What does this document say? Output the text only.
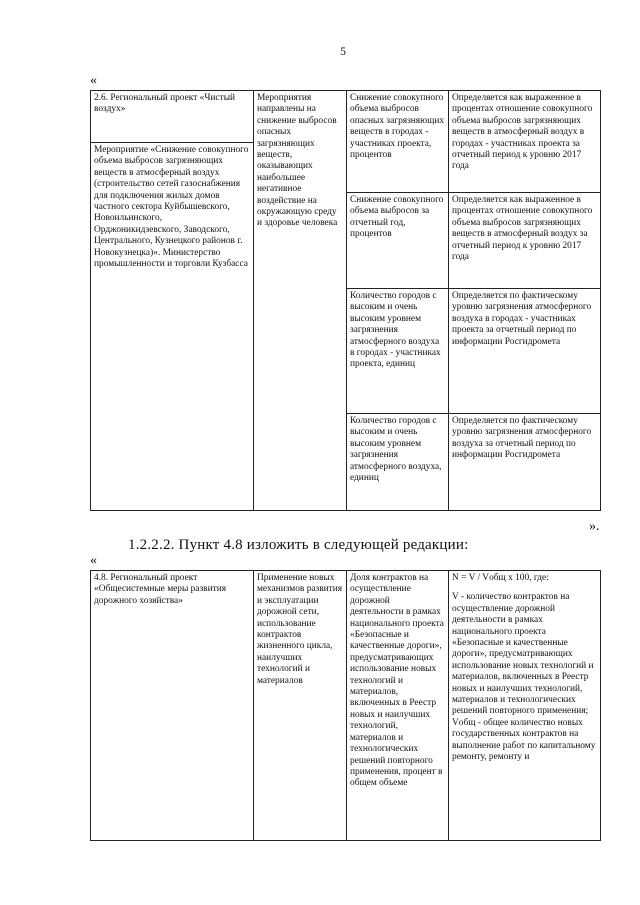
5
«
2.6. Региональный проект «Чистый воздух»	Мероприятия направлены на снижение выбросов опасных загрязняющих веществ, оказывающих наибольшее негативное воздействие на окружающую среду и здоровье человека	Снижение совокупного объема выбросов опасных загрязняющих веществ в городах - участниках проекта, процентов	Определяется как выраженное в процентах отношение совокупного объема выбросов загрязняющих веществ в атмосферный воздух в городах - участниках проекта за отчетный период к уровню 2017 года
Мероприятие «Снижение совокупного объема выбросов загрязняющих веществ в атмосферный воздух (строительство сетей газоснабжения для подключения жилых домов частного сектора Куйбышевского, Новоильинского, Орджоникидзевского, Заводского, Центрального, Кузнецкого районов г. Новокузнецка)». Министерство промышленности и торговли Кузбасса			
		Снижение совокупного объема выбросов за отчетный год, процентов	Определяется как выраженное в процентах отношение совокупного объема выбросов загрязняющих веществ в атмосферный воздух за отчетный период к уровню 2017 года
		Количество городов с высоким и очень высоким уровнем загрязнения атмосферного воздуха в городах - участниках проекта, единиц	Определяется по фактическому уровню загрязнения атмосферного воздуха в городах - участниках проекта за отчетный период по информации Росгидромета
		Количество городов с высоким и очень высоким уровнем загрязнения атмосферного воздуха, единиц	Определяется по фактическому уровню загрязнения атмосферного воздуха за отчетный период по информации Росгидромета
».
1.2.2.2. Пункт 4.8 изложить в следующей редакции:
«
4.8. Региональный проект «Общесистемные меры развития дорожного хозяйства»	Применение новых механизмов развития и эксплуатации дорожной сети, использование контрактов жизненного цикла, наилучших технологий и материалов	Доля контрактов на осуществление дорожной деятельности в рамках национального проекта «Безопасные и качественные дороги», предусматривающих использование новых технологий и материалов, включенных в Реестр новых и наилучших технологий, материалов и технологических решений повторного применения, процент в общем объеме	
N = V / Vобщ x 100, где:
V - количество контрактов на осуществление дорожной деятельности в рамках национального проекта «Безопасные и качественные дороги», предусматривающих использование новых технологий и материалов, включенных в Реестр новых и наилучших технологий, материалов и технологических решений повторного применения; Vобщ - общее количество новых государственных контрактов на выполнение работ по капитальному ремонту, ремонту и
